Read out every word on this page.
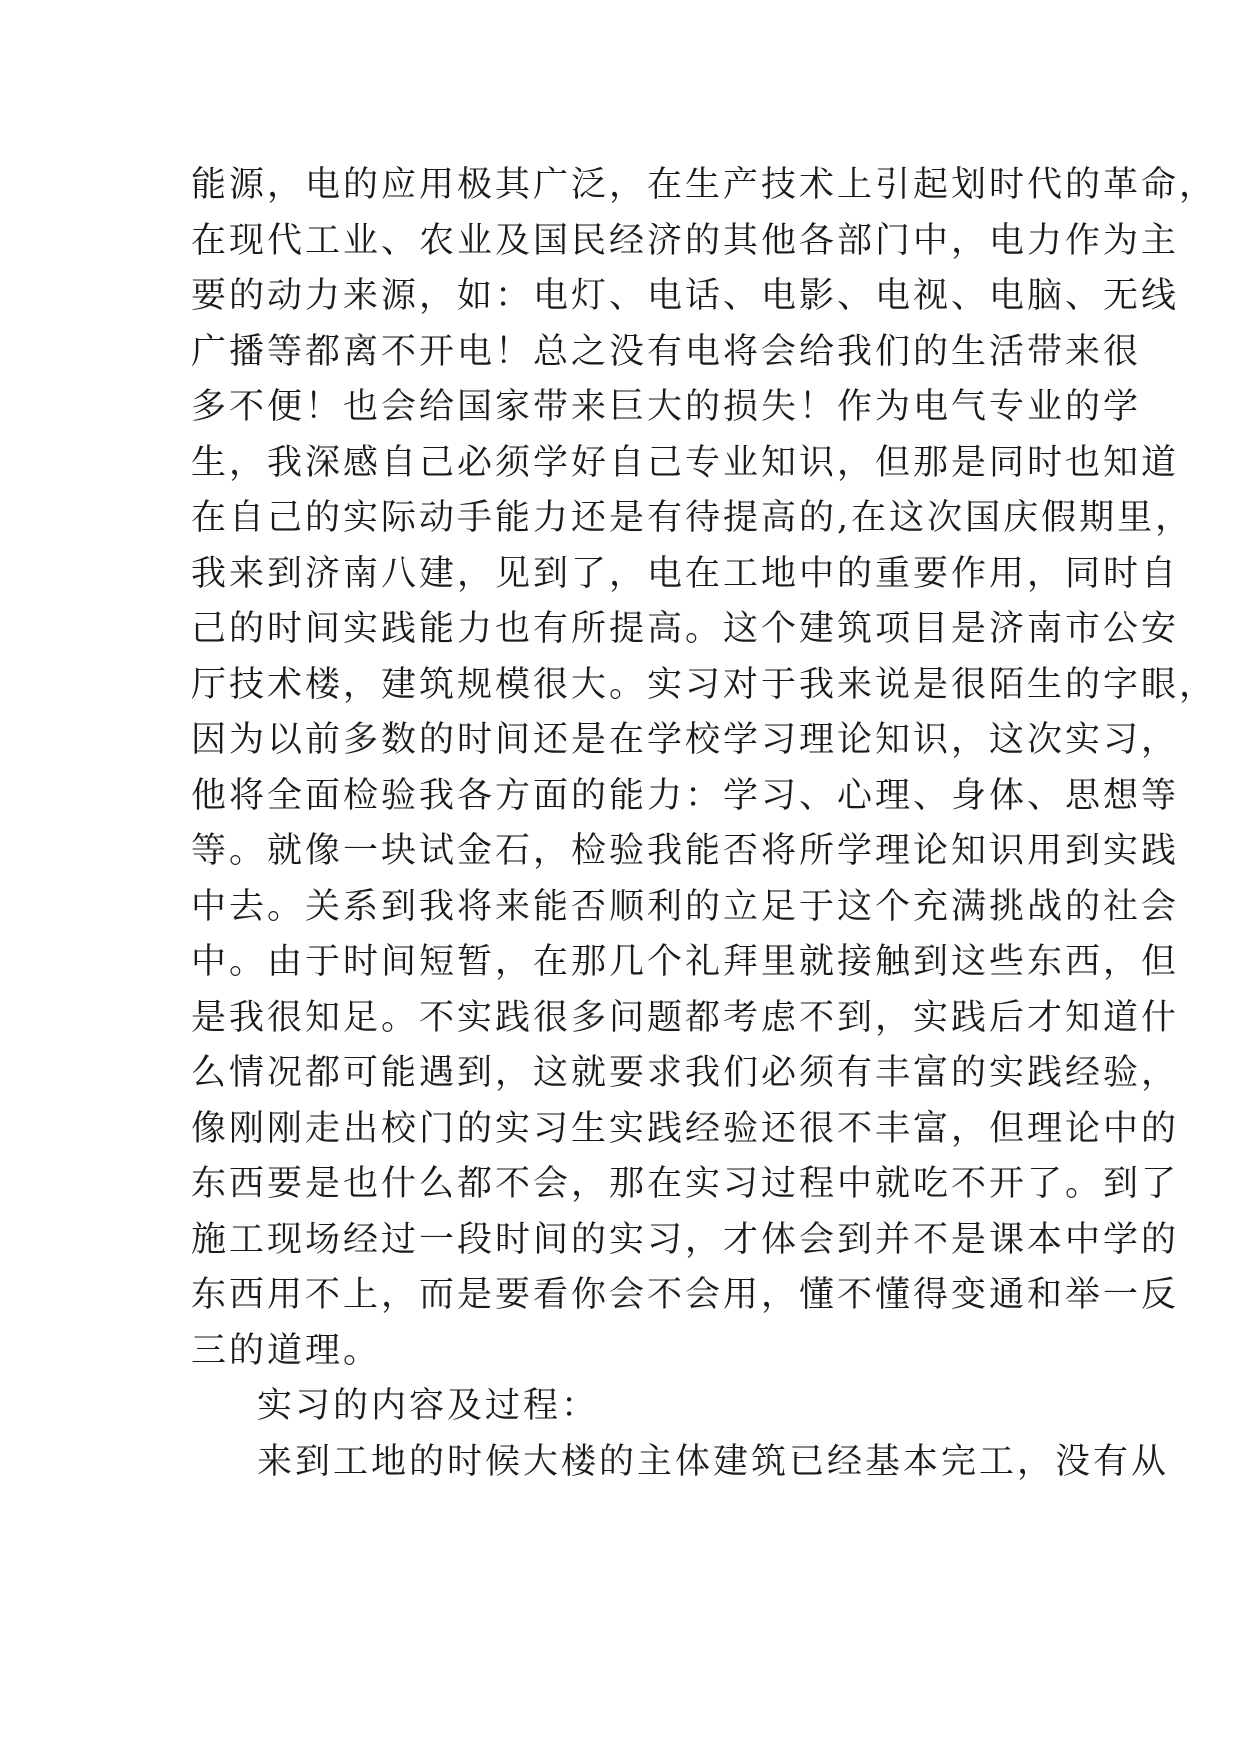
能源，电的应用极其广泛，在生产技术上引起划时代的革命，
在现代工业、农业及国民经济的其他各部门中，电力作为主
要的动力来源，如：电灯、电话、电影、电视、电脑、无线
广播等都离不开电！总之没有电将会给我们的生活带来很
多不便！也会给国家带来巨大的损失！作为电气专业的学
生，我深感自己必须学好自己专业知识，但那是同时也知道
在自己的实际动手能力还是有待提高的,在这次国庆假期里，
我来到济南八建，见到了，电在工地中的重要作用，同时自
己的时间实践能力也有所提高。这个建筑项目是济南市公安
厅技术楼，建筑规模很大。实习对于我来说是很陌生的字眼，
因为以前多数的时间还是在学校学习理论知识，这次实习，
他将全面检验我各方面的能力：学习、心理、身体、思想等
等。就像一块试金石，检验我能否将所学理论知识用到实践
中去。关系到我将来能否顺利的立足于这个充满挑战的社会
中。由于时间短暂，在那几个礼拜里就接触到这些东西，但
是我很知足。不实践很多问题都考虑不到，实践后才知道什
么情况都可能遇到，这就要求我们必须有丰富的实践经验，
像刚刚走出校门的实习生实践经验还很不丰富，但理论中的
东西要是也什么都不会，那在实习过程中就吃不开了。到了
施工现场经过一段时间的实习，才体会到并不是课本中学的
东西用不上，而是要看你会不会用，懂不懂得变通和举一反
三的道理。
实习的内容及过程：
来到工地的时候大楼的主体建筑已经基本完工，没有从
